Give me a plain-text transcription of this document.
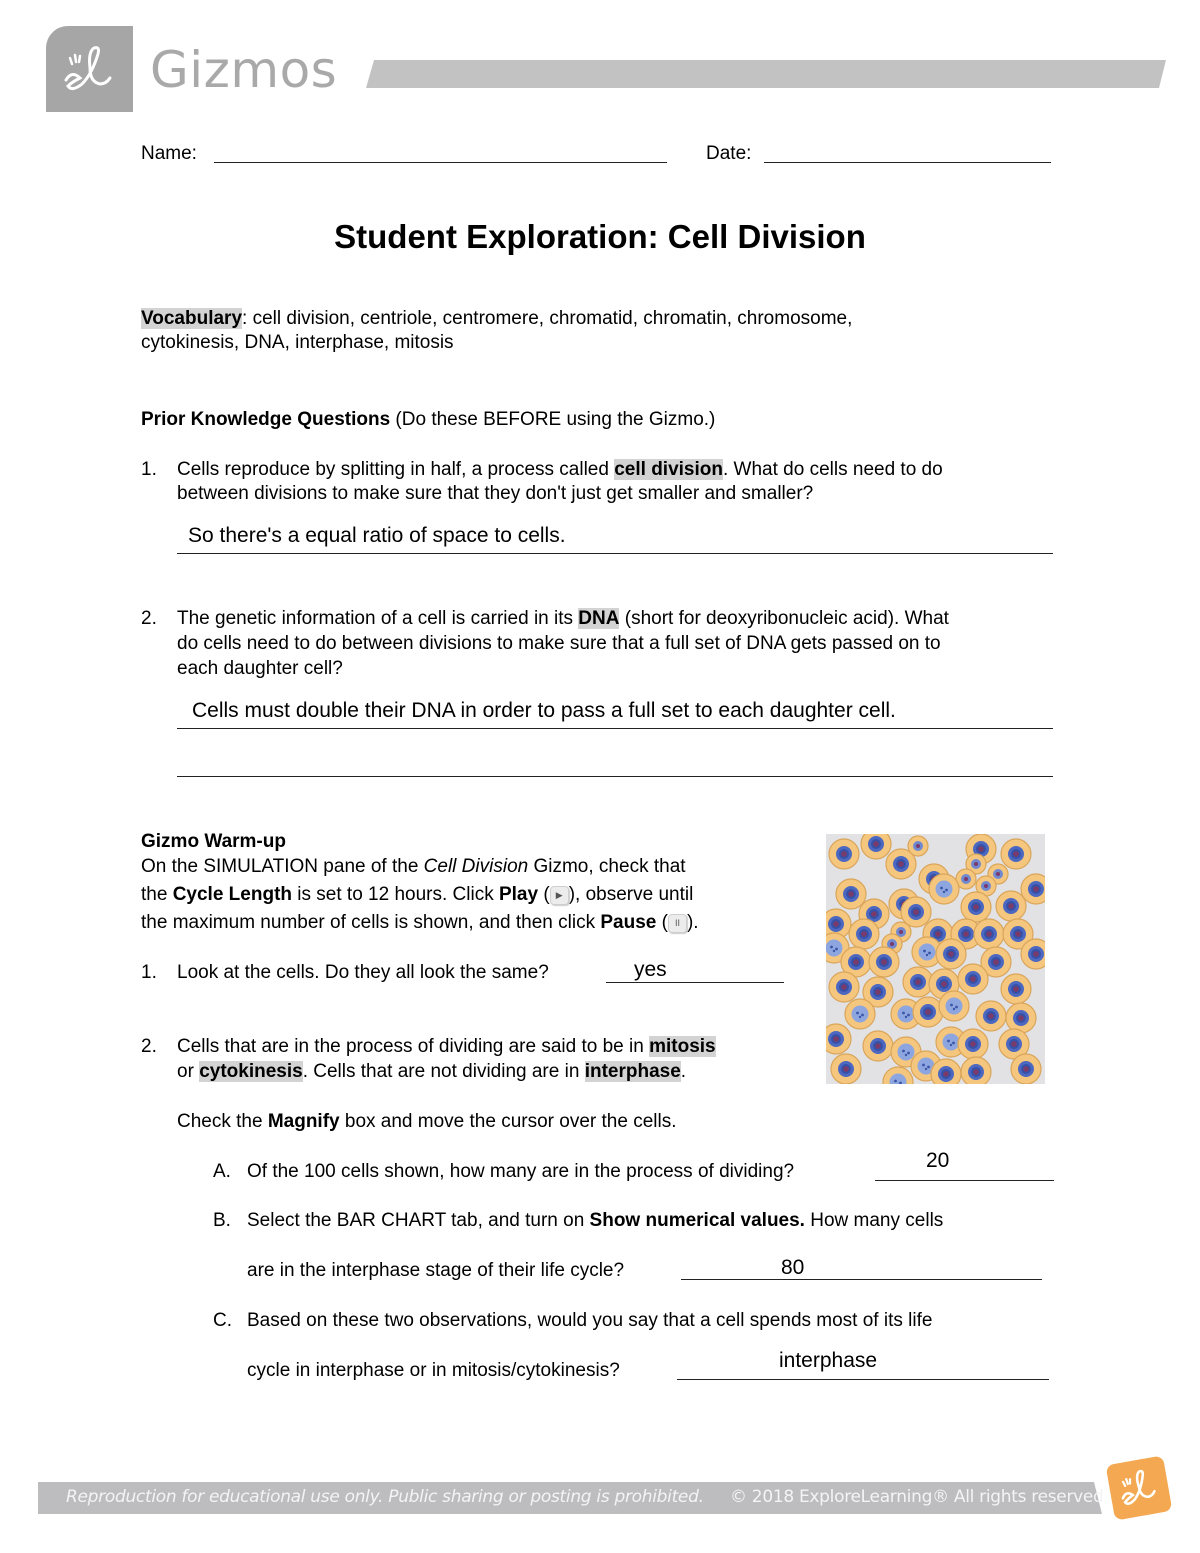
Gizmos
Name:	Date:
Student Exploration: Cell Division
Vocabulary: cell division, centriole, centromere, chromatid, chromatin, chromosome,
cytokinesis, DNA, interphase, mitosis
Prior Knowledge Questions (Do these BEFORE using the Gizmo.)
1. Cells reproduce by splitting in half, a process called cell division. What do cells need to do
between divisions to make sure that they don't just get smaller and smaller?
So there's a equal ratio of space to cells.
2. The genetic information of a cell is carried in its DNA (short for deoxyribonucleic acid). What
do cells need to do between divisions to make sure that a full set of DNA gets passed on to
each daughter cell?
Cells must double their DNA in order to pass a full set to each daughter cell.
Gizmo Warm-up
On the SIMULATION pane of the Cell Division Gizmo, check that
the Cycle Length is set to 12 hours. Click Play ( ▶ ), observe until
the maximum number of cells is shown, and then click Pause ( II ).
1. Look at the cells. Do they all look the same?	yes
2. Cells that are in the process of dividing are said to be in mitosis
or cytokinesis. Cells that are not dividing are in interphase.
Check the Magnify box and move the cursor over the cells.
A. Of the 100 cells shown, how many are in the process of dividing?	20
B. Select the BAR CHART tab, and turn on Show numerical values. How many cells
are in the interphase stage of their life cycle?	80
C. Based on these two observations, would you say that a cell spends most of its life
cycle in interphase or in mitosis/cytokinesis?	interphase
Reproduction for educational use only. Public sharing or posting is prohibited. © 2018 ExploreLearning® All rights reserved
